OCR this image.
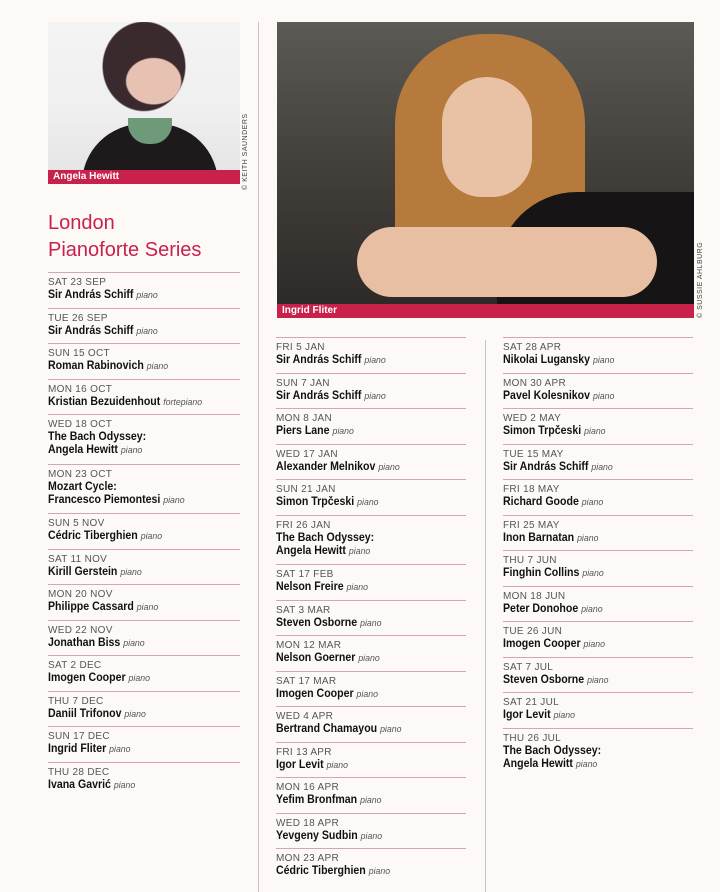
Angela Hewitt	© KEITH SAUNDERS
Ingrid Fliter	© SUSSIE AHLBURG
London
Pianoforte Series
SAT 23 SEP
Sir András Schiff piano
TUE 26 SEP
Sir András Schiff piano
SUN 15 OCT
Roman Rabinovich piano
MON 16 OCT
Kristian Bezuidenhout fortepiano
WED 18 OCT
The Bach Odyssey:
Angela Hewitt piano
MON 23 OCT
Mozart Cycle:
Francesco Piemontesi piano
SUN 5 NOV
Cédric Tiberghien piano
SAT 11 NOV
Kirill Gerstein piano
MON 20 NOV
Philippe Cassard piano
WED 22 NOV
Jonathan Biss piano
SAT 2 DEC
Imogen Cooper piano
THU 7 DEC
Daniil Trifonov piano
SUN 17 DEC
Ingrid Fliter piano
THU 28 DEC
Ivana Gavrić piano
FRI 5 JAN
Sir András Schiff piano
SUN 7 JAN
Sir András Schiff piano
MON 8 JAN
Piers Lane piano
WED 17 JAN
Alexander Melnikov piano
SUN 21 JAN
Simon Trpčeski piano
FRI 26 JAN
The Bach Odyssey:
Angela Hewitt piano
SAT 17 FEB
Nelson Freire piano
SAT 3 MAR
Steven Osborne piano
MON 12 MAR
Nelson Goerner piano
SAT 17 MAR
Imogen Cooper piano
WED 4 APR
Bertrand Chamayou piano
FRI 13 APR
Igor Levit piano
MON 16 APR
Yefim Bronfman piano
WED 18 APR
Yevgeny Sudbin piano
MON 23 APR
Cédric Tiberghien piano
SAT 28 APR
Nikolai Lugansky piano
MON 30 APR
Pavel Kolesnikov piano
WED 2 MAY
Simon Trpčeski piano
TUE 15 MAY
Sir András Schiff piano
FRI 18 MAY
Richard Goode piano
FRI 25 MAY
Inon Barnatan piano
THU 7 JUN
Finghin Collins piano
MON 18 JUN
Peter Donohoe piano
TUE 26 JUN
Imogen Cooper piano
SAT 7 JUL
Steven Osborne piano
SAT 21 JUL
Igor Levit piano
THU 26 JUL
The Bach Odyssey:
Angela Hewitt piano
